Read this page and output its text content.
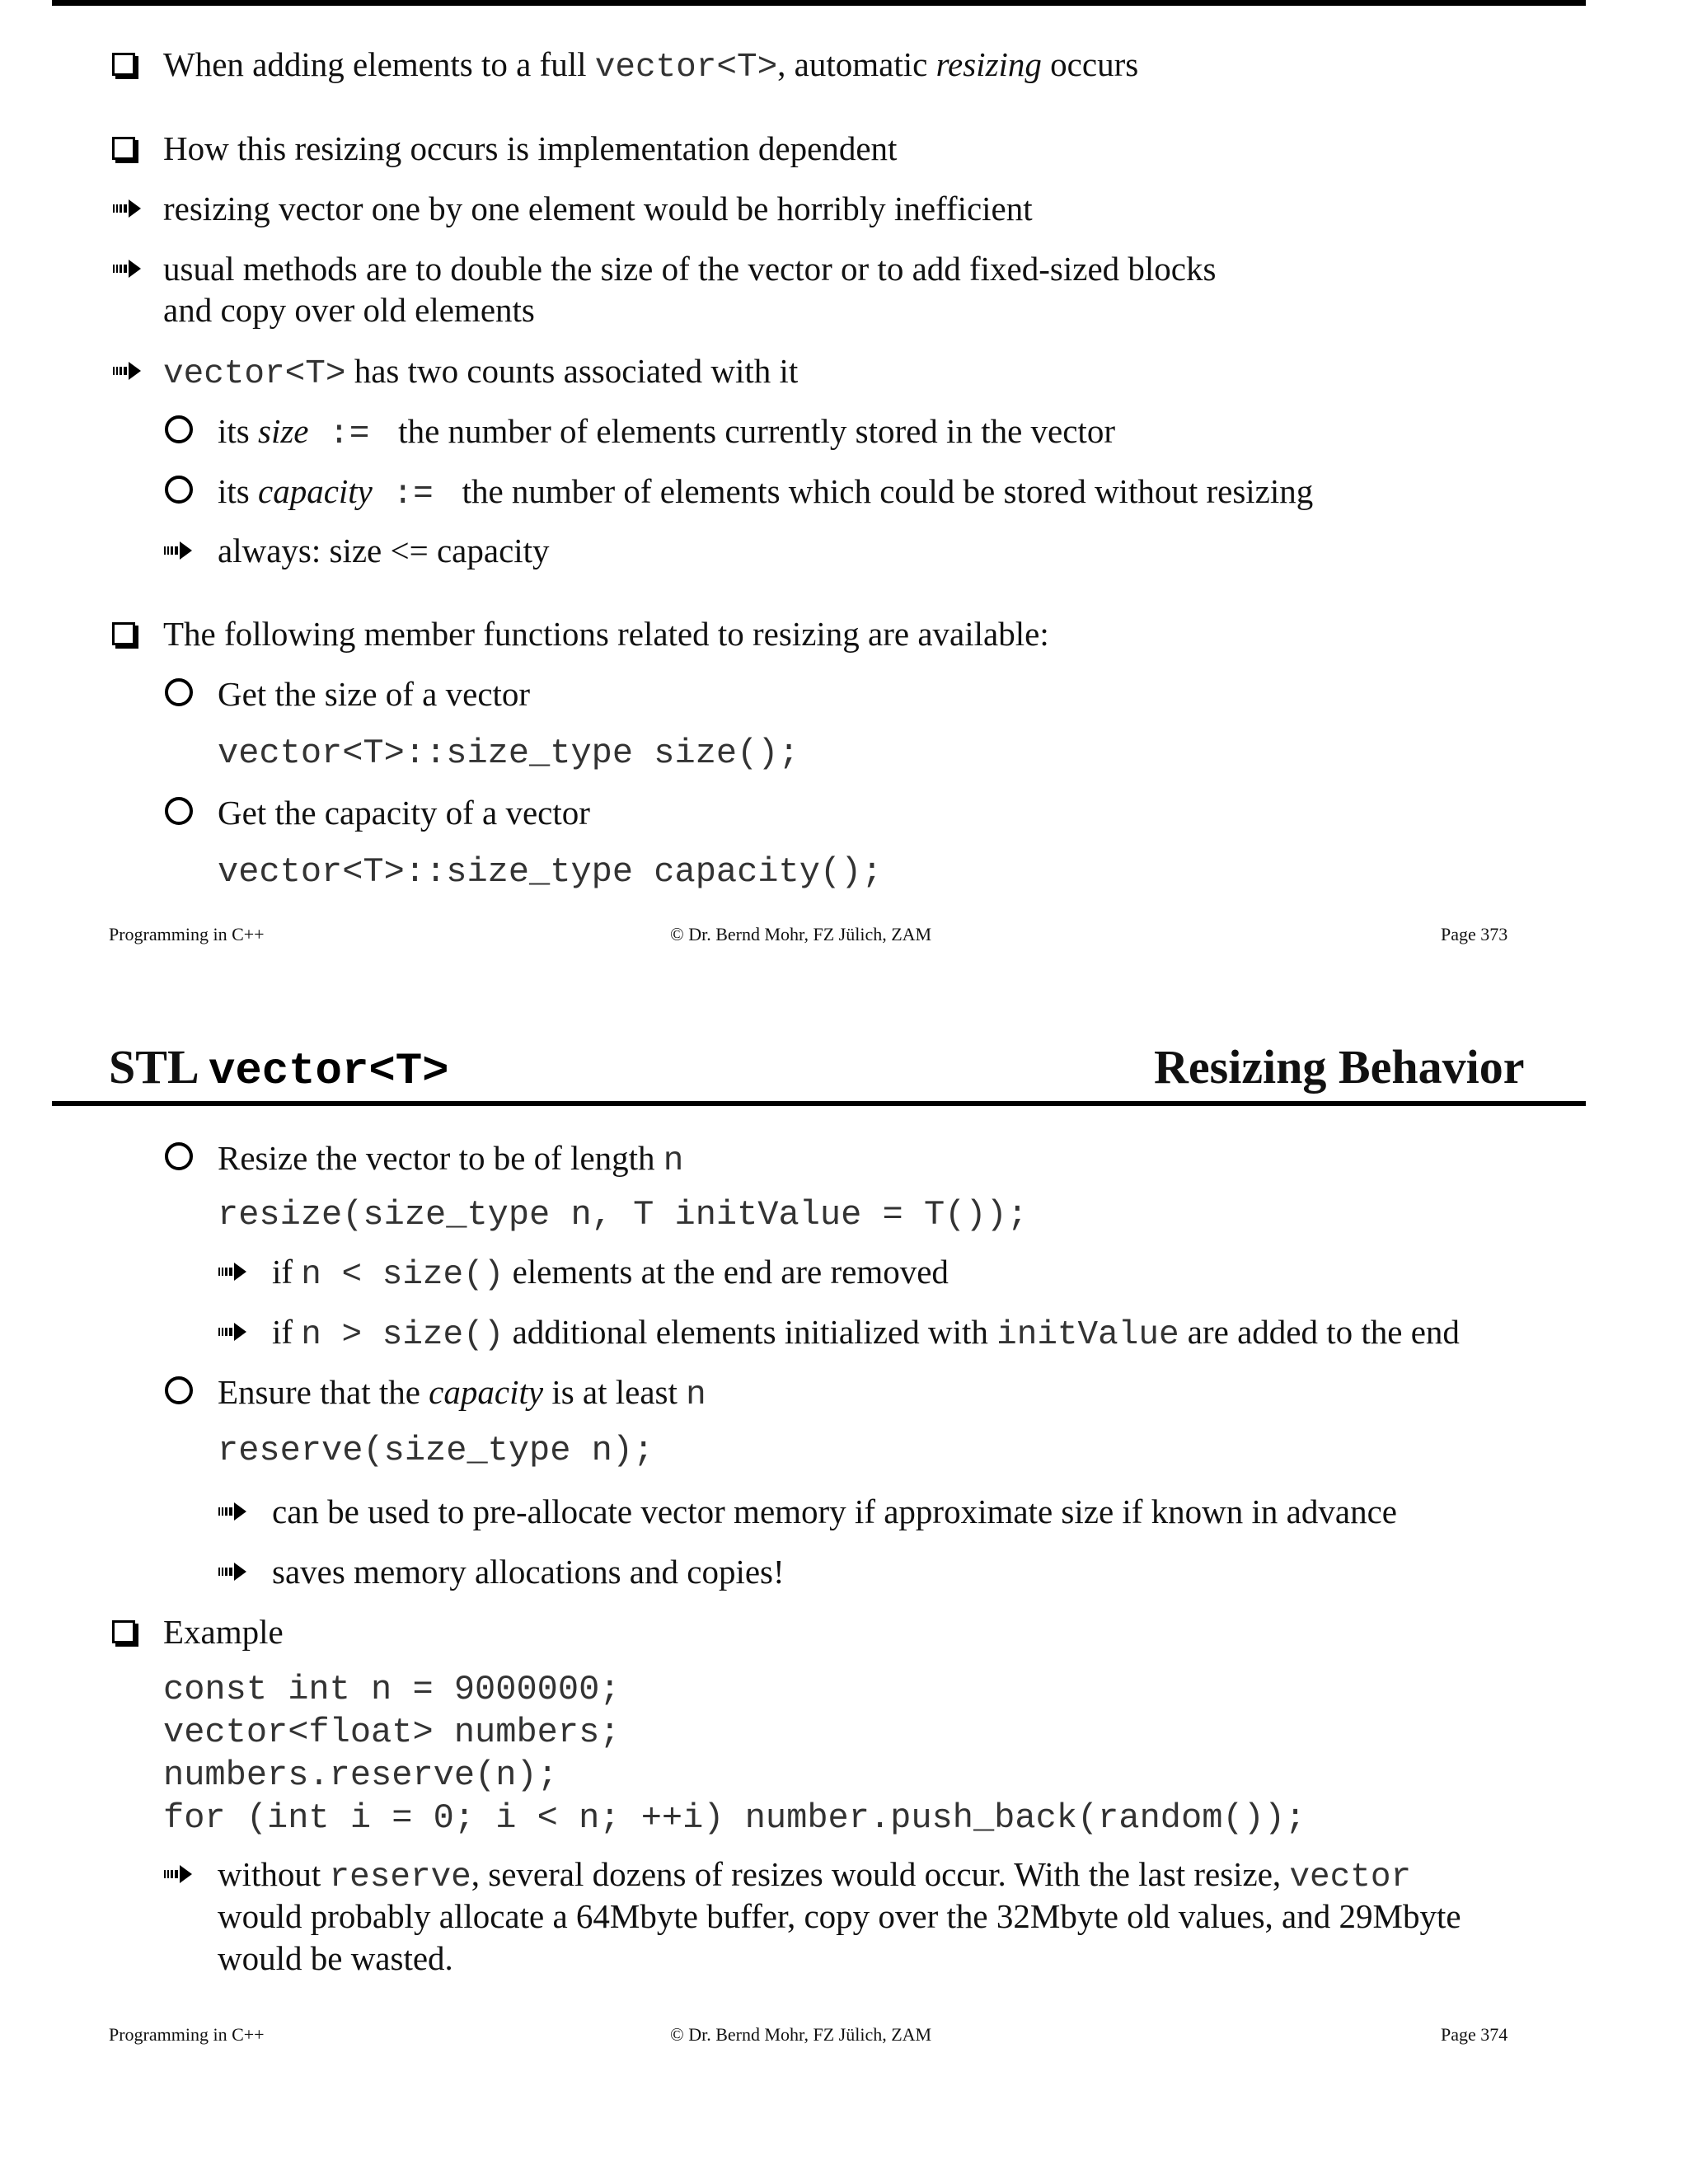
When adding elements to a full vector<T>, automatic resizing occurs
How this resizing occurs is implementation dependent
resizing vector one by one element would be horribly inefficient
usual methods are to double the size of the vector or to add fixed-sized blocks
and copy over old elements
vector<T> has two counts associated with it
its size :=  the number of elements currently stored in the vector
its capacity :=  the number of elements which could be stored without resizing
always: size <= capacity
The following member functions related to resizing are available:
Get the size of a vector
vector<T>::size_type size();
Get the capacity of a vector
vector<T>::size_type capacity();
Programming in C++	© Dr. Bernd Mohr, FZ Jülich, ZAM	Page 373
STL vector<T>	Resizing Behavior
Resize the vector to be of length n
resize(size_type n, T initValue = T());
if n < size() elements at the end are removed
if n > size() additional elements initialized with initValue are added to the end
Ensure that the capacity is at least n
reserve(size_type n);
can be used to pre-allocate vector memory if approximate size if known in advance
saves memory allocations and copies!
Example
const int n = 9000000;
vector<float> numbers;
numbers.reserve(n);
for (int i = 0; i < n; ++i) number.push_back(random());
without reserve, several dozens of resizes would occur. With the last resize, vector
would probably allocate a 64Mbyte buffer, copy over the 32Mbyte old values, and 29Mbyte
would be wasted.
Programming in C++	© Dr. Bernd Mohr, FZ Jülich, ZAM	Page 374
